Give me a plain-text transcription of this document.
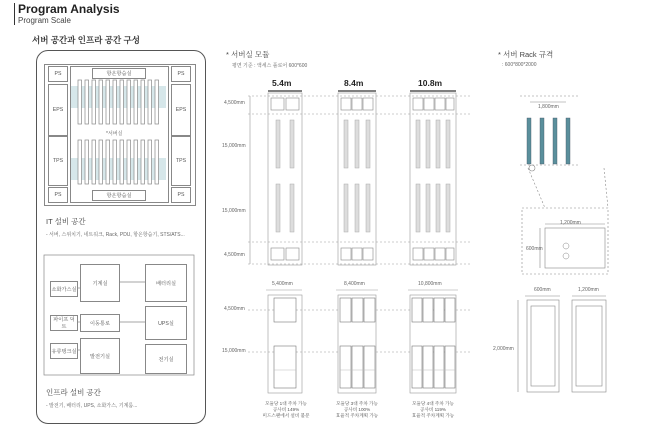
Program Analysis
Program Scale
서버 공간과 인프라 공간 구성
PS	PS
EPS	EPS
TPS	TPS
PS	PS
항온항습실
항온항습실
*서버실
기계실	배터리실
소화가스실
파이프 덕트
이동통로	UPS실
유류탱크실
발전기실	전기실
IT 설비 공간
- 서버, 스위치기, 네트워크, Rack, PDU, 항온항습기, STS/ATS...
인프라 설비 공간
- 발전기, 배터리, UPS, 소화가스, 기계룸...
* 서버실 모듈
평면 기준 : 액세스 플로어 600*600
5.4m	8.4m	10.8m
4,500mm
15,000mm
15,000mm
4,500mm
4,500mm
15,000mm
5,400mm	8,400mm	10,800mm
모듈당 1대 주차 가능
공사비 149%
미드스팬에서 설비 불분
모듈당 3대 주차 가능
공사비 100%
효율적 주차계획 가능
모듈당 4대 주차 가능
공사비 119%
효율적 주차계획 가능
* 서버 Rack 규격
: 600*800*2000
1,800mm
1,200mm
600mm
600mm	1,200mm
2,000mm
